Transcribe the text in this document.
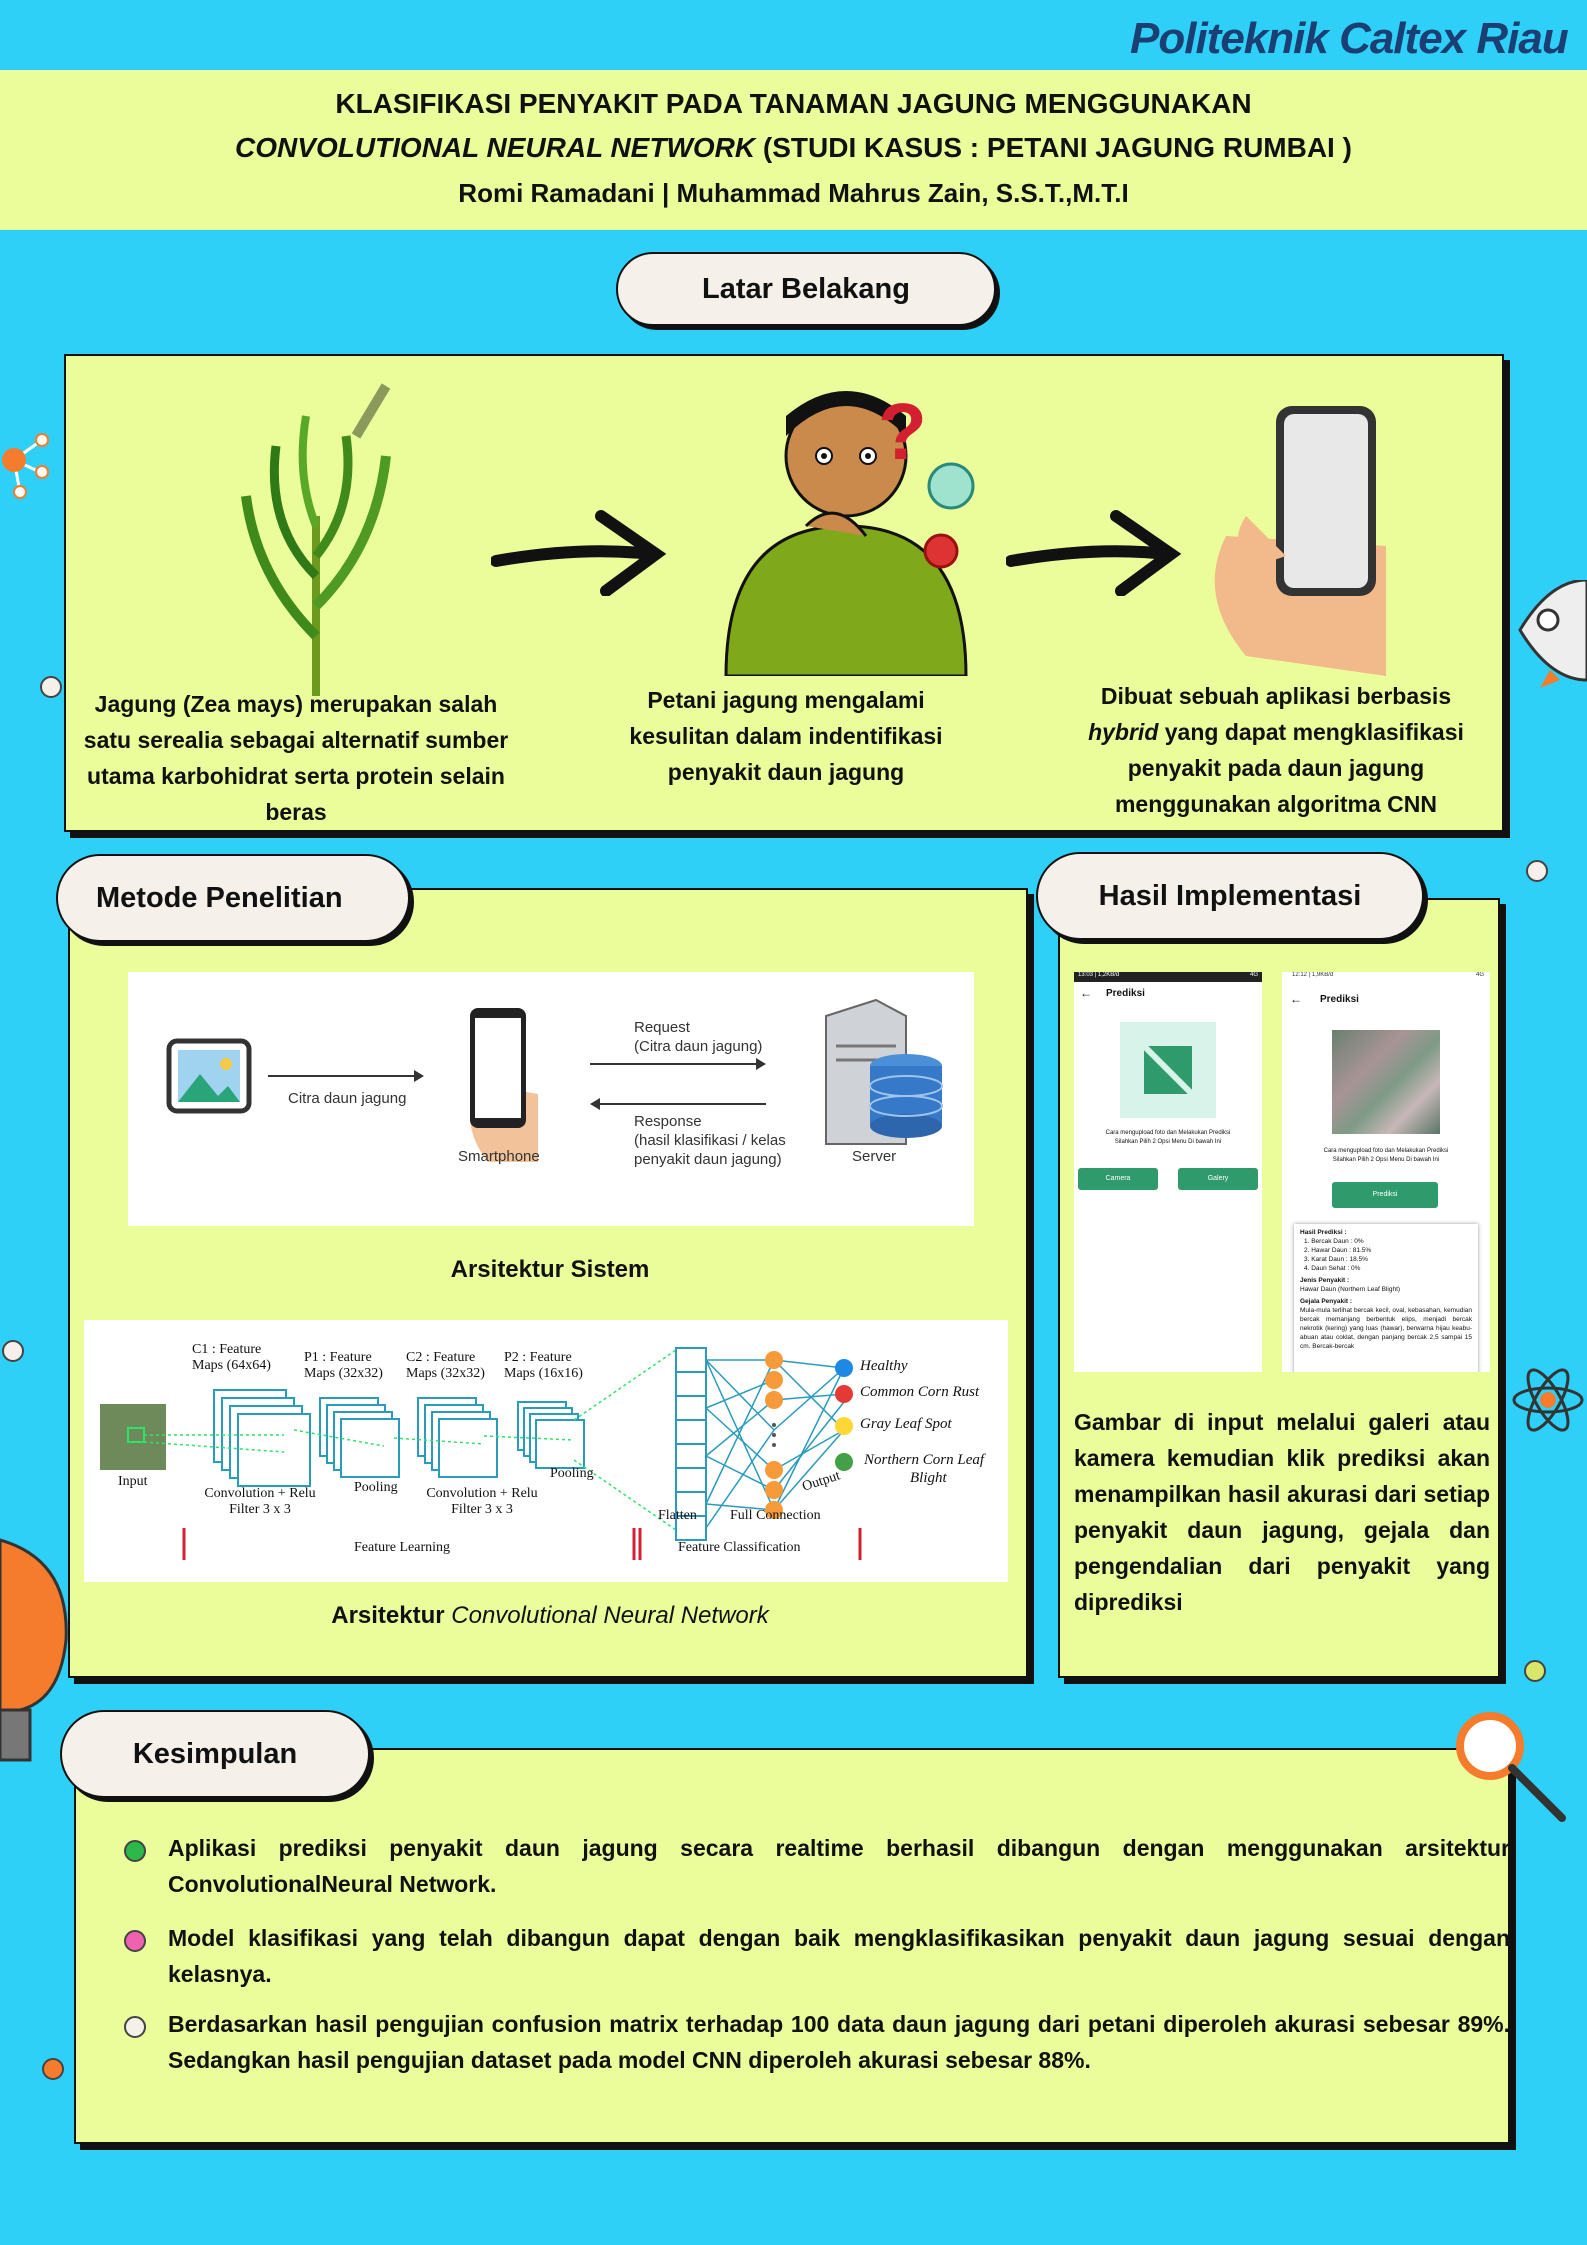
Politeknik Caltex Riau
KLASIFIKASI PENYAKIT PADA TANAMAN JAGUNG MENGGUNAKAN
CONVOLUTIONAL NEURAL NETWORK (STUDI KASUS : PETANI JAGUNG RUMBAI )
Romi Ramadani | Muhammad Mahrus Zain, S.S.T.,M.T.I
Latar Belakang
?
Jagung (Zea mays) merupakan salah satu serealia sebagai alternatif sumber utama karbohidrat serta protein selain beras
Petani jagung mengalami kesulitan dalam indentifikasi penyakit daun jagung
Dibuat sebuah aplikasi berbasis hybrid yang dapat mengklasifikasi penyakit pada daun jagung menggunakan algoritma CNN
Citra daun jagung
Smartphone
Request
(Citra daun jagung)
Response
(hasil klasifikasi / kelas
penyakit daun jagung)	Server
Arsitektur Sistem
C1 : Feature
Maps (64x64)
P1 : Feature
Maps (32x32)
C2 : Feature
Maps (32x32)
P2 : Feature
Maps (16x16)
Input
Convolution + Relu
Filter 3 x 3
Pooling	Convolution + Relu
Filter 3 x 3
Pooling
Flatten Full Connection
Output
Feature Learning	Feature Classification
Healthy
Common Corn Rust
Gray Leaf Spot
Northern Corn Leaf
Blight
Arsitektur Convolutional Neural Network
Metode Penelitian
13:03 | 1,2KB/d	4G
← Prediksi
Cara mengupload foto dan Melakukan Prediksi
Silahkan Pilih 2 Opsi Menu Di bawah Ini
Camera	Galery
12:12 | 1,9KB/d	4G
← Prediksi
Cara mengupload foto dan Melakukan Prediksi
Silahkan Pilih 2 Opsi Menu Di bawah Ini
Prediksi
Hasil Prediksi :
1. Bercak Daun : 0%
2. Hawar Daun : 81.5%
3. Karat Daun : 18.5%
4. Daun Sehat : 0%
Jenis Penyakit :
Hawar Daun (Northern Leaf Blight)
Gejala Penyakit :
Mula-mula terlihat bercak kecil, oval, kebasahan, kemudian bercak memanjang berbentuk elips, menjadi bercak nekrotik (kering) yang luas (hawar), berwarna hijau keabu-abuan atau coklat, dengan panjang bercak 2,5 sampai 15 cm. Bercak-bercak
Gambar di input melalui galeri atau kamera kemudian klik prediksi akan menampilkan hasil akurasi dari setiap penyakit daun jagung, gejala dan pengendalian dari penyakit yang diprediksi
Hasil Implementasi
Aplikasi prediksi penyakit daun jagung secara realtime berhasil dibangun dengan menggunakan arsitektur ConvolutionalNeural Network.
Model klasifikasi yang telah dibangun dapat dengan baik mengklasifikasikan penyakit daun jagung sesuai dengan kelasnya.
Berdasarkan hasil pengujian confusion matrix terhadap 100 data daun jagung dari petani diperoleh akurasi sebesar 89%. Sedangkan hasil pengujian dataset pada model CNN diperoleh akurasi sebesar 88%.
Kesimpulan
